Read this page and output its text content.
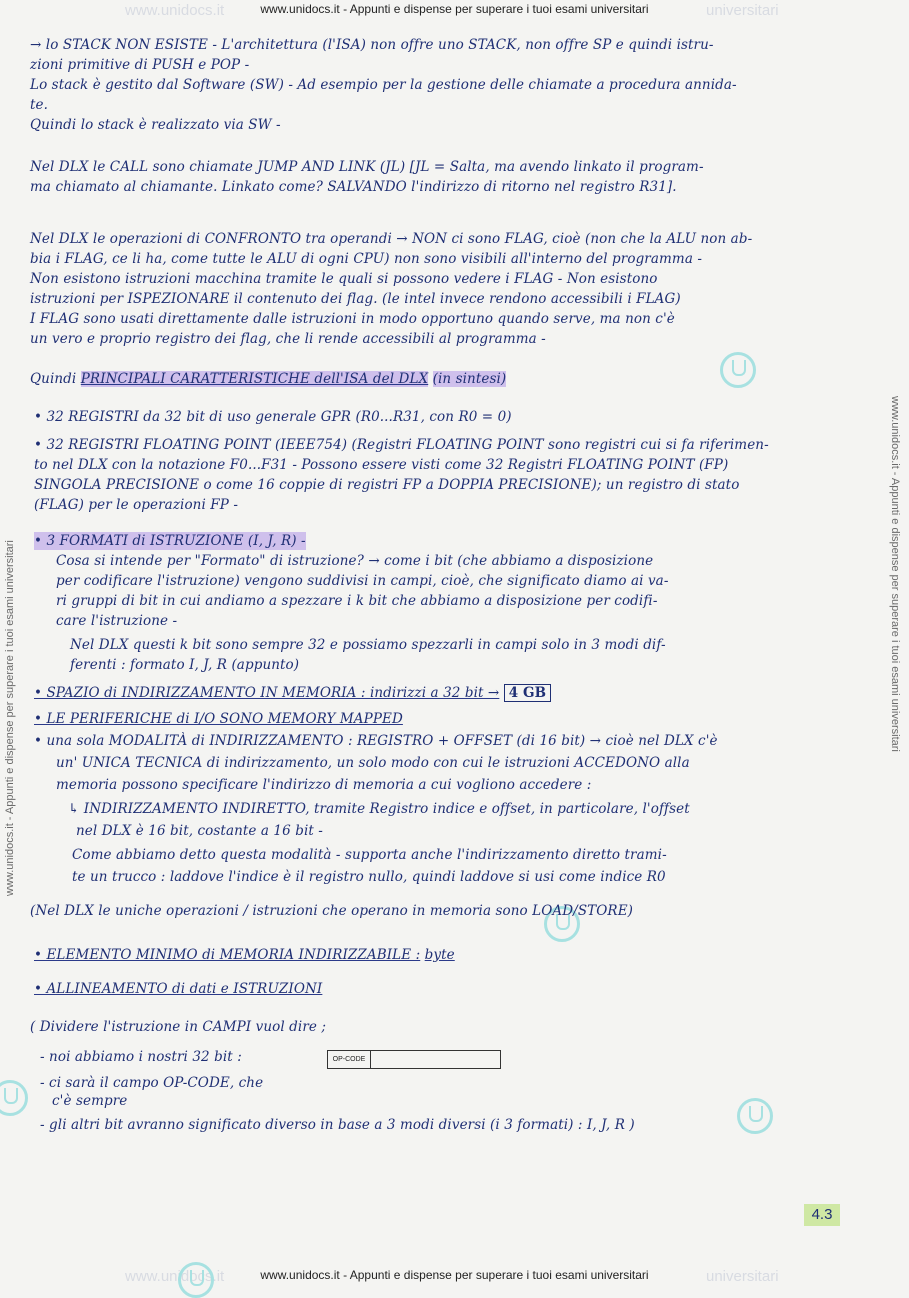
www.unidocs.it - Appunti e dispense per superare i tuoi esami universitari
www.unidocs.it	universitari
www.unidocs.it	universitari
www.unidocs.it - Appunti e dispense per superare i tuoi esami universitari	www.unidocs.it - Appunti e dispense per superare i tuoi esami universitari
→ lo STACK NON ESISTE - L'architettura (l'ISA) non offre uno STACK, non offre SP e quindi istru-
zioni primitive di PUSH e POP -
Lo stack è gestito dal Software (SW) - Ad esempio per la gestione delle chiamate a procedura annida-
te.
Quindi lo stack è realizzato via SW -
Nel DLX le CALL sono chiamate JUMP AND LINK (JL) [JL = Salta, ma avendo linkato il program-
ma chiamato al chiamante. Linkato come? SALVANDO l'indirizzo di ritorno nel registro R31].
Nel DLX le operazioni di CONFRONTO tra operandi → NON ci sono FLAG, cioè (non che la ALU non ab-
bia i FLAG, ce li ha, come tutte le ALU di ogni CPU) non sono visibili all'interno del programma -
Non esistono istruzioni macchina tramite le quali si possono vedere i FLAG - Non esistono
istruzioni per ISPEZIONARE il contenuto dei flag. (le intel invece rendono accessibili i FLAG)
I FLAG sono usati direttamente dalle istruzioni in modo opportuno quando serve, ma non c'è
un vero e proprio registro dei flag, che li rende accessibili al programma -
Quindi PRINCIPALI CARATTERISTICHE dell'ISA del DLX (in sintesi)
• 32 REGISTRI da 32 bit di uso generale GPR (R0...R31, con R0 = 0)
• 32 REGISTRI FLOATING POINT (IEEE754) (Registri FLOATING POINT sono registri cui si fa riferimen-
to nel DLX con la notazione F0...F31 - Possono essere visti come 32 Registri FLOATING POINT (FP)
SINGOLA PRECISIONE o come 16 coppie di registri FP a DOPPIA PRECISIONE); un registro di stato
(FLAG) per le operazioni FP -
• 3 FORMATI di ISTRUZIONE (I, J, R) -
Cosa si intende per "Formato" di istruzione? → come i bit (che abbiamo a disposizione
per codificare l'istruzione) vengono suddivisi in campi, cioè, che significato diamo ai va-
ri gruppi di bit in cui andiamo a spezzare i k bit che abbiamo a disposizione per codifi-
care l'istruzione -
Nel DLX questi k bit sono sempre 32 e possiamo spezzarli in campi solo in 3 modi dif-
ferenti : formato I, J, R (appunto)
• SPAZIO di INDIRIZZAMENTO IN MEMORIA : indirizzi a 32 bit → 4 GB
• LE PERIFERICHE di I/O SONO MEMORY MAPPED
• una sola MODALITÀ di INDIRIZZAMENTO : REGISTRO + OFFSET (di 16 bit) → cioè nel DLX c'è
un' UNICA TECNICA di indirizzamento, un solo modo con cui le istruzioni ACCEDONO alla
memoria possono specificare l'indirizzo di memoria a cui vogliono accedere :
↳ INDIRIZZAMENTO INDIRETTO, tramite Registro indice e offset, in particolare, l'offset
nel DLX è 16 bit, costante a 16 bit -
Come abbiamo detto questa modalità - supporta anche l'indirizzamento diretto trami-
te un trucco : laddove l'indice è il registro nullo, quindi laddove si usi come indice R0
(Nel DLX le uniche operazioni / istruzioni che operano in memoria sono LOAD/STORE)
• ELEMENTO MINIMO di MEMORIA INDIRIZZABILE : byte
• ALLINEAMENTO di dati e ISTRUZIONI
( Dividere l'istruzione in CAMPI vuol dire ;
- noi abbiamo i nostri 32 bit :	OP-CODE
- ci sarà il campo OP-CODE, che
c'è sempre
- gli altri bit avranno significato diverso in base a 3 modi diversi (i 3 formati) : I, J, R )
4.3
www.unidocs.it - Appunti e dispense per superare i tuoi esami universitari
